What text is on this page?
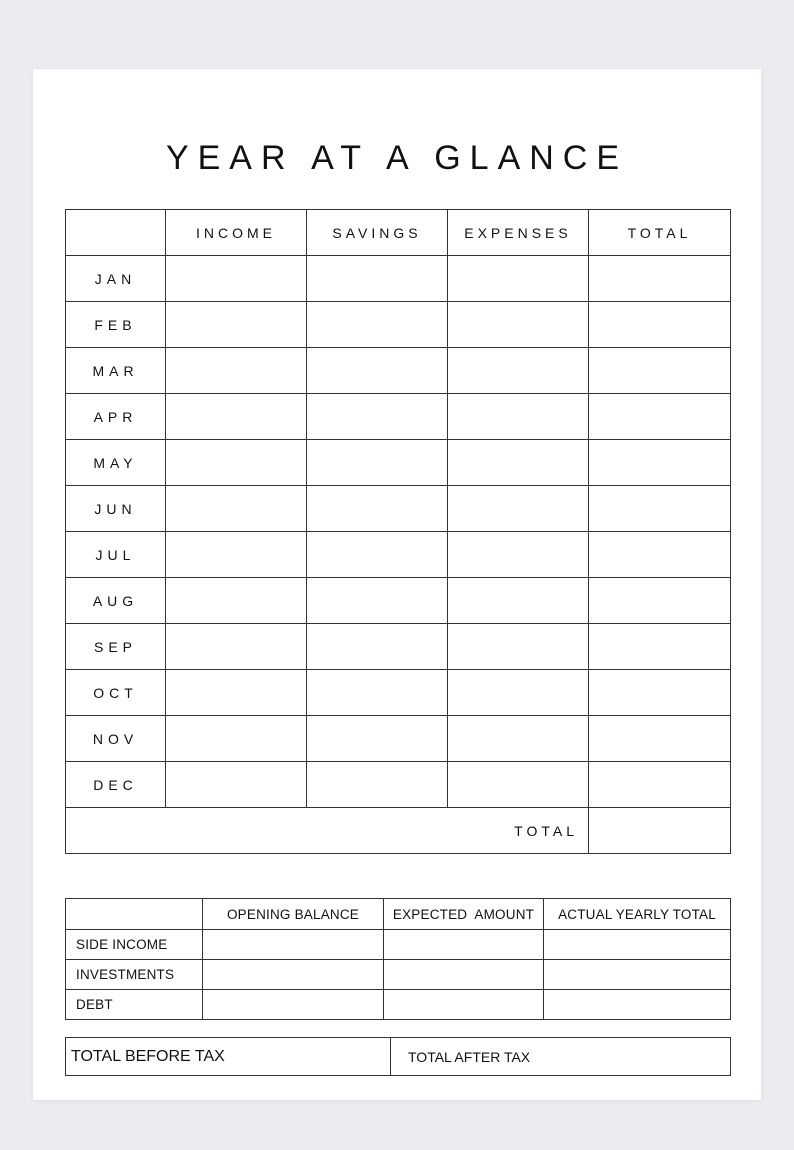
YEAR AT A GLANCE
	INCOME	SAVINGS	EXPENSES	TOTAL
JAN				
FEB				
MAR				
APR				
MAY				
JUN				
JUL				
AUG				
SEP				
OCT				
NOV				
DEC				
TOTAL				
	OPENING BALANCE	EXPECTED  AMOUNT	ACTUAL YEARLY TOTAL
SIDE INCOME			
INVESTMENTS			
DEBT			
TOTAL BEFORE TAX	TOTAL AFTER TAX
